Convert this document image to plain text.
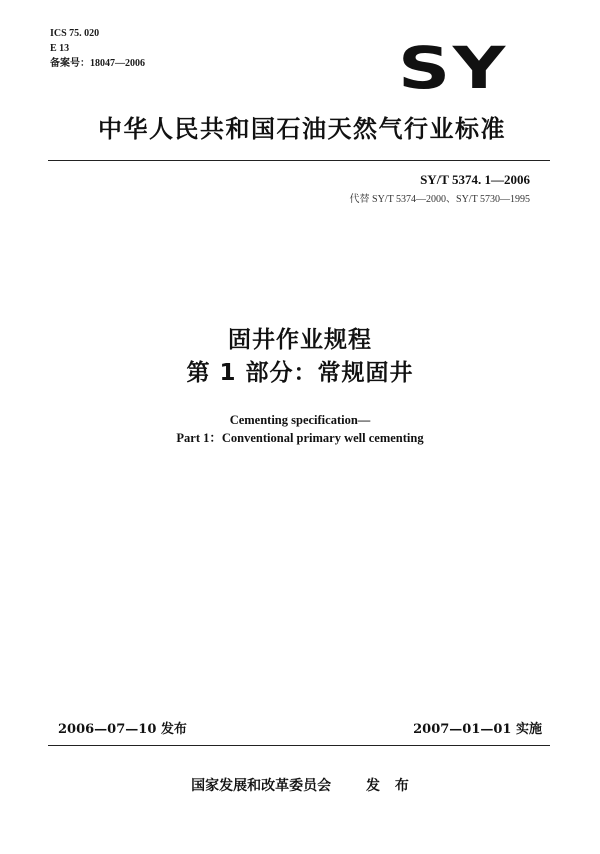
ICS 75. 020
E 13
备案号：18047—2006	SY
中华人民共和国石油天然气行业标准
SY/T 5374. 1—2006
代替 SY/T 5374—2000、SY/T 5730—1995
固井作业规程
第 1 部分：常规固井
Cementing specification—
Part 1：Conventional primary well cementing
2006—07—10 发布	2007—01—01 实施
国家发展和改革委员会 发 布
